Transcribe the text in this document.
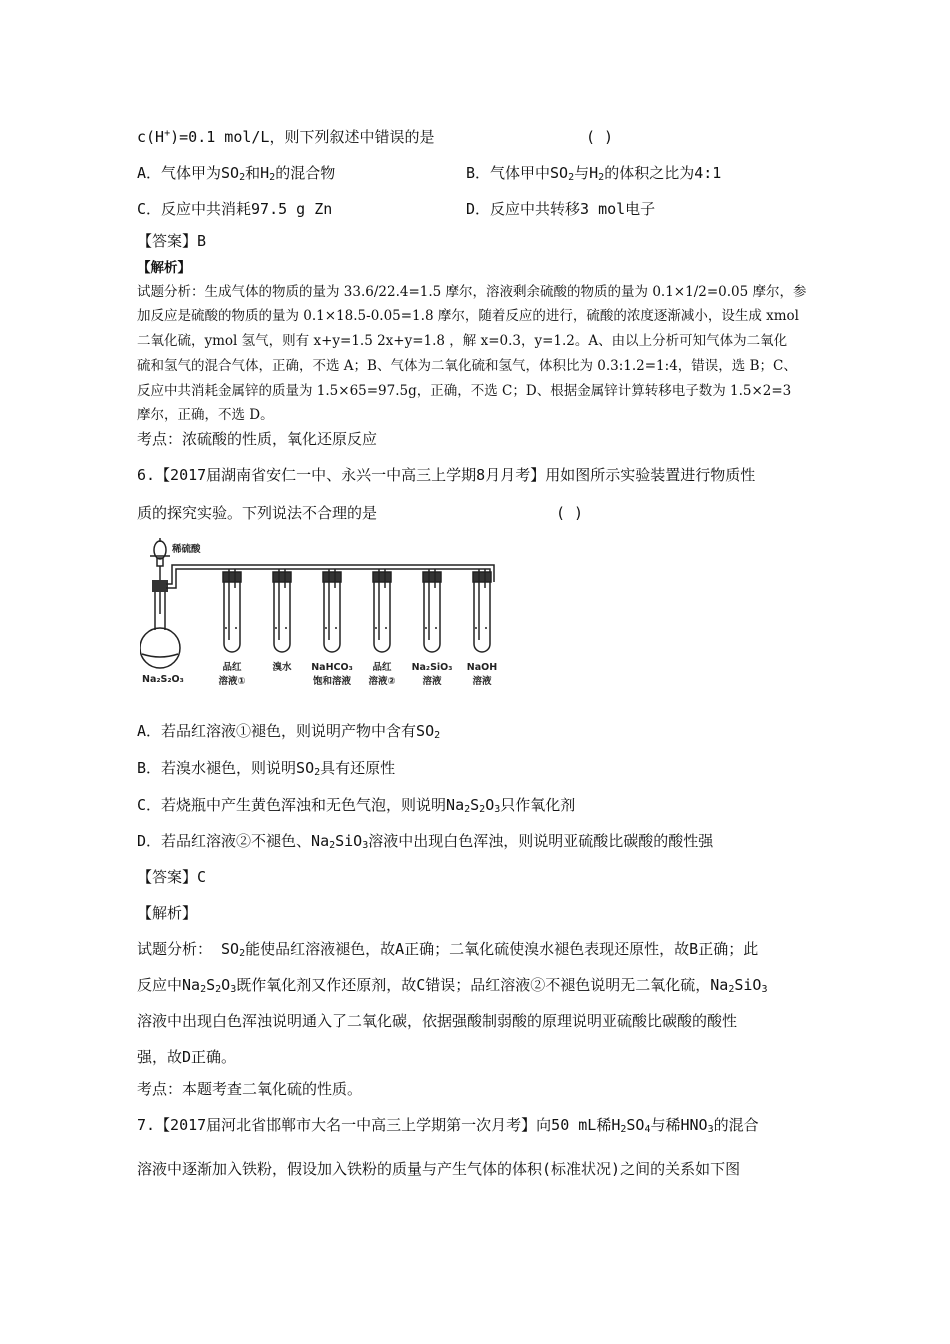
c(H+)=0.1 mol/L，则下列叙述中错误的是	( )
A．气体甲为$SO_2$和$H_2$的混合物	B．气体甲中$SO_2$与$H_2$的体积之比为4:1
C．反应中共消耗97.5 g Zn	D．反应中共转移3 mol电子
【答案】B
【解析】
试题分析：生成气体的物质的量为 33.6/22.4=1.5 摩尔，溶液剩余硫酸的物质的量为 0.1×1/2=0.05 摩尔，参
加反应是硫酸的物质的量为 0.1×18.5-0.05=1.8 摩尔，随着反应的进行，硫酸的浓度逐渐减小，设生成 xmol
二氧化硫，ymol 氢气，则有 x+y=1.5 2x+y=1.8 ，解 x=0.3，y=1.2。A、由以上分析可知气体为二氧化
硫和氢气的混合气体，正确，不选 A；B、气体为二氧化硫和氢气，体积比为 0.3:1.2=1:4，错误，选 B；C、
反应中共消耗金属锌的质量为 1.5×65=97.5g，正确，不选 C；D、根据金属锌计算转移电子数为 1.5×2=3
摩尔，正确，不选 D。
考点：浓硫酸的性质，氧化还原反应
6.【2017届湖南省安仁一中、永兴一中高三上学期8月月考】用如图所示实验装置进行物质性
质的探究实验。下列说法不合理的是	( )
稀硫酸
Na₂S₂O₃
品红
溶液①
溴水 NaHCO₃
饱和溶液
品红
溶液②
Na₂SiO₃
溶液
NaOH
溶液
A．若品红溶液①褪色，则说明产物中含有$SO_2$
B．若溴水褪色，则说明$SO_2$具有还原性
C．若烧瓶中产生黄色浑浊和无色气泡，则说明$Na_2S_2O_3$只作氧化剂
D．若品红溶液②不褪色、$Na_2SiO_3$溶液中出现白色浑浊，则说明亚硫酸比碳酸的酸性强
【答案】C
【解析】
试题分析： $SO_2$能使品红溶液褪色，故A正确；二氧化硫使溴水褪色表现还原性，故B正确；此
反应中$Na_2S_2O_3$既作氧化剂又作还原剂，故C错误；品红溶液②不褪色说明无二氧化硫，$Na_2SiO_3$
溶液中出现白色浑浊说明通入了二氧化碳，依据强酸制弱酸的原理说明亚硫酸比碳酸的酸性
强，故D正确。
考点：本题考查二氧化硫的性质。
7.【2017届河北省邯郸市大名一中高三上学期第一次月考】向50 mL稀$H_2SO_4$与稀$HNO_3$的混合
溶液中逐渐加入铁粉，假设加入铁粉的质量与产生气体的体积(标准状况)之间的关系如下图
